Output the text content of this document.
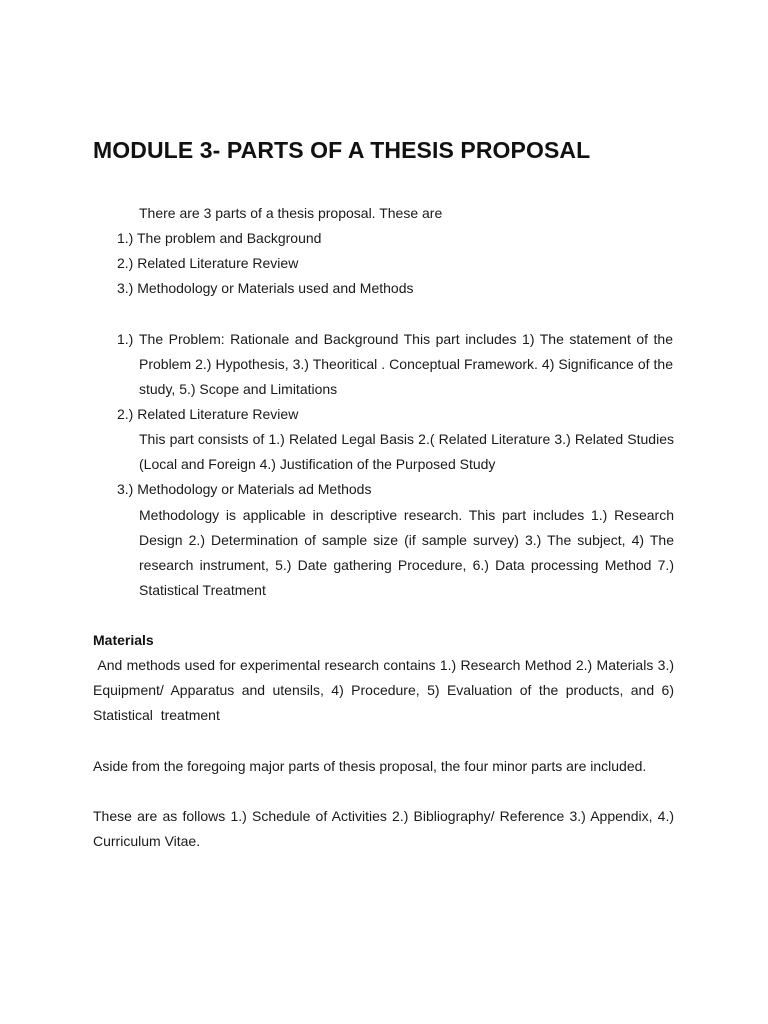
MODULE 3- PARTS OF A THESIS PROPOSAL

There are 3 parts of a thesis proposal. These are

1.) The problem and Background

2.) Related Literature Review

3.) Methodology or Materials used and Methods

1.) The Problem: Rationale and Background This part includes 1) The statement of the Problem 2.) Hypothesis, 3.) Theoritical . Conceptual Framework. 4) Significance of the study, 5.) Scope and Limitations

2.) Related Literature Review

This part consists of 1.) Related Legal Basis 2.( Related Literature 3.) Related Studies (Local and Foreign 4.) Justification of the Purposed Study

3.) Methodology or Materials ad Methods

Methodology is applicable in descriptive research. This part includes 1.) Research Design 2.) Determination of sample size (if sample survey) 3.) The subject, 4) The research instrument, 5.) Date gathering Procedure, 6.) Data processing Method 7.) Statistical Treatment
Materials
And methods used for experimental research contains 1.) Research Method 2.) Materials 3.) Equipment/ Apparatus and utensils, 4) Procedure, 5) Evaluation of the products, and 6) Statistical  treatment
Aside from the foregoing major parts of thesis proposal, the four minor parts are included.
These are as follows 1.) Schedule of Activities 2.) Bibliography/ Reference 3.) Appendix, 4.) Curriculum Vitae.
